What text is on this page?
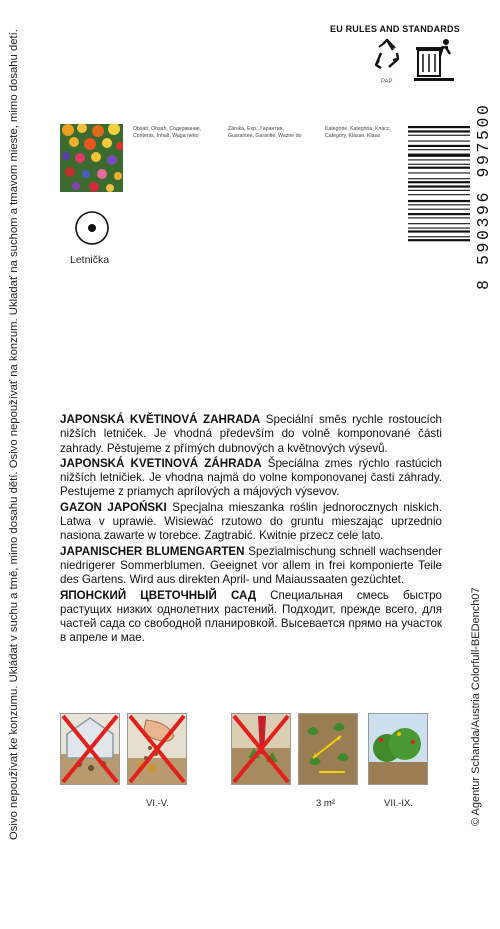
Osivo nepoužívat ke konzumu. Ukládat v suchu a tmě, mimo dosahu dětí. Osivo nepoužívať na konzum. Ukladať na suchom a tmavom mieste, mimo dosahu detí.
EU RULES AND STANDARDS
PAP
Obsah, Obsah, Содержание,
Contents, Inhalt, Waga netto
Záruka, Exp., Гарантия,
Guarantee, Garantie, Ważne do
Kategorie, Kategória, Класс,
Category, Klasse, Klasa
Letnička	8 590396 997500

JAPONSKÁ KVĚTINOVÁ ZAHRADA Speciální směs rychle rostoucích nižších letniček. Je vhodná především do volně komponované části zahrady. Pěstujeme z přímých dubnových a květnových výsevů.

JAPONSKÁ KVETINOVÁ ZÁHRADA Špeciálna zmes rýchlo rastúcich nižších letničiek. Je vhodna najmä do volne komponovanej časti záhrady. Pestujeme z priamych aprílových a májových výsevov.

GAZON JAPOŃSKI Specjalna mieszanka roślin jednorocznych niskich. Latwa v uprawie. Wisiewać rzutowo do gruntu mieszając uprzednio nasiona zawarte w torebce. Zagtrabić. Kwitnie przecz cele lato.

JAPANISCHER BLUMENGARTEN Spezialmischung schnell wachsender niedrigerer Sommerblumen. Geeignet vor allem in frei komponierte Teile des Gartens. Wird aus direkten April- und Maiaussaaten gezüchtet.

ЯПОНСКИЙ ЦВЕТОЧНЫЙ САД Специальная смесь быстро растущих низких однолетних растений. Подходит, прежде всего, для частей сада со свободной планировкой. Высевается прямо на участок в апреле и мае.

VI.-V.	3 m²	VII.-IX.	© Agentur Schanda/Austria Colorfull-BEDench07
